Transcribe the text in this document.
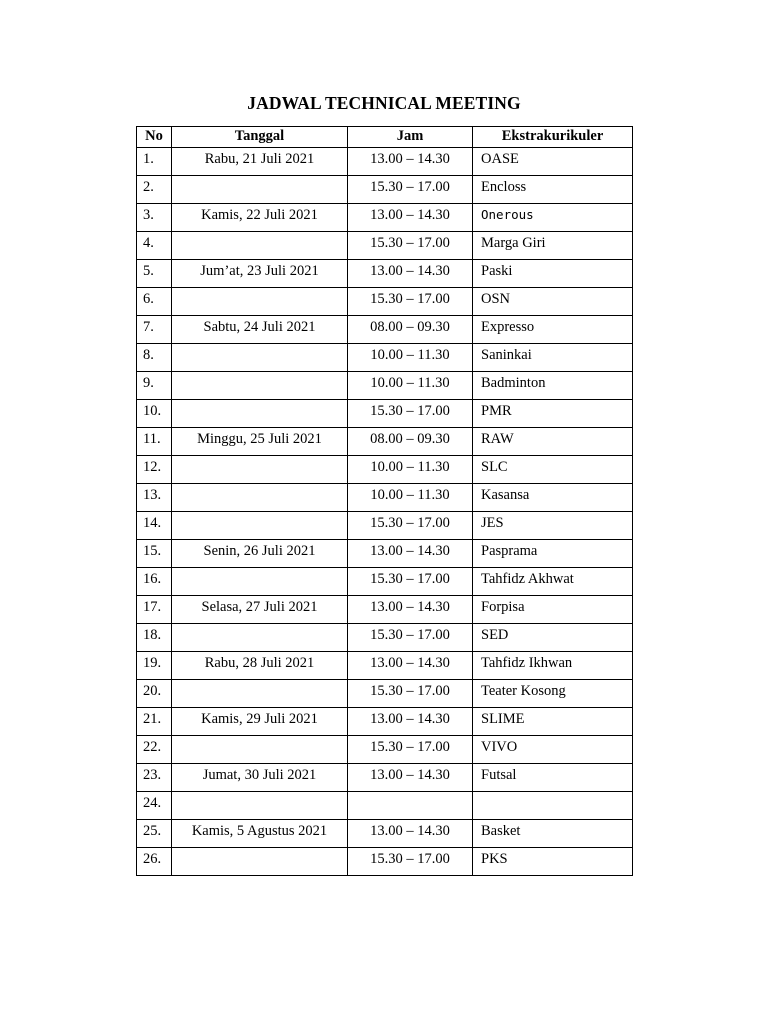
JADWAL TECHNICAL MEETING
No	Tanggal	Jam	Ekstrakurikuler
1.	Rabu, 21 Juli 2021	13.00 – 14.30	OASE
2.		15.30 – 17.00	Encloss
3.	Kamis, 22 Juli 2021	13.00 – 14.30	Onerous
4.		15.30 – 17.00	Marga Giri
5.	Jum’at, 23 Juli 2021	13.00 – 14.30	Paski
6.		15.30 – 17.00	OSN
7.	Sabtu, 24 Juli 2021	08.00 – 09.30	Expresso
8.		10.00 – 11.30	Saninkai
9.		10.00 – 11.30	Badminton
10.		15.30 – 17.00	PMR
11.	Minggu, 25 Juli 2021	08.00 – 09.30	RAW
12.		10.00 – 11.30	SLC
13.		10.00 – 11.30	Kasansa
14.		15.30 – 17.00	JES
15.	Senin, 26 Juli 2021	13.00 – 14.30	Pasprama
16.		15.30 – 17.00	Tahfidz Akhwat
17.	Selasa, 27 Juli 2021	13.00 – 14.30	Forpisa
18.		15.30 – 17.00	SED
19.	Rabu, 28 Juli 2021	13.00 – 14.30	Tahfidz Ikhwan
20.		15.30 – 17.00	Teater Kosong
21.	Kamis, 29 Juli 2021	13.00 – 14.30	SLIME
22.		15.30 – 17.00	VIVO
23.	Jumat, 30 Juli 2021	13.00 – 14.30	Futsal
24.			
25.	Kamis, 5 Agustus 2021	13.00 – 14.30	Basket
26.		15.30 – 17.00	PKS
